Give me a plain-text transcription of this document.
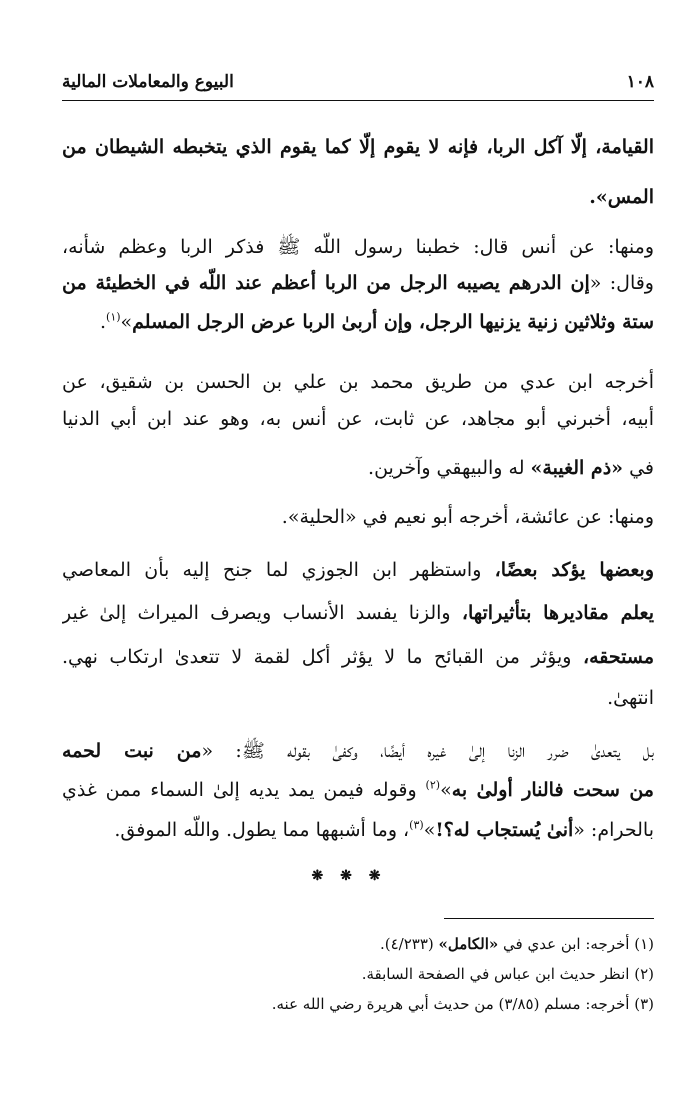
١٠٨
البيوع والمعاملات المالية
القيامة، إلّا آكل الربا، فإنه لا يقوم إلّا كما يقوم الذي يتخبطه الشيطان من
المس».
ومنها: عن أنس قال: خطبنا رسول اللّه ﷺ فذكر الربا وعظم شأنه،
وقال: «إن الدرهم يصيبه الرجل من الربا أعظم عند اللّه في الخطيئة من
ستة وثلاثين زنية يزنيها الرجل، وإن أربىٰ الربا عرض الرجل المسلم»$^{(١)}$.
أخرجه ابن عدي من طريق محمد بن علي بن الحسن بن شقيق، عن
أبيه، أخبرني أبو مجاهد، عن ثابت، عن أنس به، وهو عند ابن أبي الدنيا
في «ذم الغيبة» له والبيهقي وآخرين.
ومنها: عن عائشة، أخرجه أبو نعيم في «الحلية».
وبعضها يؤكد بعضًا، واستظهر ابن الجوزي لما جنح إليه بأن المعاصي
يعلم مقاديرها بتأثيراتها، والزنا يفسد الأنساب ويصرف الميراث إلىٰ غير
مستحقه، ويؤثر من القبائح ما لا يؤثر أكل لقمة لا تتعدىٰ ارتكاب نهي.
انتهىٰ.
بل يتعدىٰ ضرر الزنا إلىٰ غيره أيضًا، وكفىٰ بقوله ﷺ: «من نبت لحمه
من سحت فالنار أولىٰ به»$^{(٢)}$ وقوله فيمن يمد يديه إلىٰ السماء ممن غذي
بالحرام: «أنىٰ يُستجاب له؟!»$^{(٣)}$، وما أشبهها مما يطول. واللّه الموفق.
❋ ❋ ❋
(١) أخرجه: ابن عدي في «الكامل» (٤/٢٣٣).
(٢) انظر حديث ابن عباس في الصفحة السابقة.
(٣) أخرجه: مسلم (٣/٨٥) من حديث أبي هريرة رضي الله عنه.
